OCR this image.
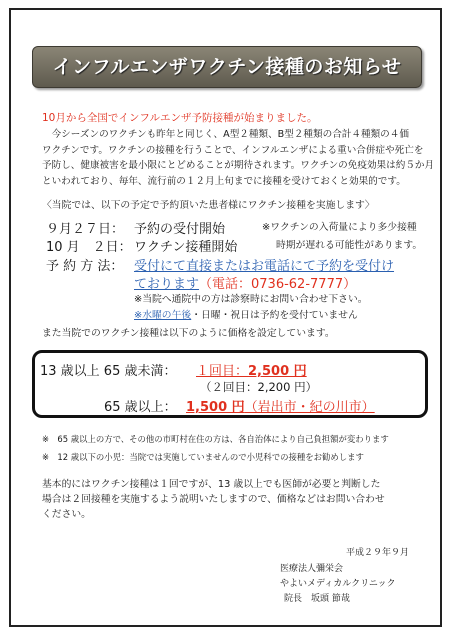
インフルエンザワクチン接種のお知らせ
10月から全国でインフルエンザ予防接種が始まりました。
　今シーズンのワクチンも昨年と同じく、A型２種類、B型２種類の合計４種類の４価
ワクチンです。ワクチンの接種を行うことで、インフルエンザによる重い合併症や死亡を
予防し、健康被害を最小限にとどめることが期待されます。ワクチンの免疫効果は約５か月
といわれており、毎年、流行前の１２月上旬までに接種を受けておくと効果的です。
〈当院では、以下の予定で予約頂いた患者様にワクチン接種を実施します〉
９月２７日： 予約の受付開始	※ワクチンの入荷量により多少接種
10 月　２日： ワクチン接種開始	時期が遅れる可能性があります。
予 約 方 法： 受付にて直接またはお電話にて予約を受付け
ております（電話：0736-62-7777）
※当院へ通院中の方は診察時にお問い合わせ下さい。
※水曜の午後・日曜・祝日は予約を受付ていません
また当院でのワクチン接種は以下のように価格を設定しています。
13 歳以上 65 歳未満： １回目：2,500 円
（２回目：2,200 円）
65 歳以上： 1,500 円（岩出市・紀の川市）
※　65 歳以上の方で、その他の市町村在住の方は、各自治体により自己負担額が変わります
※　12 歳以下の小児：当院では実施していませんので小児科での接種をお勧めします
基本的にはワクチン接種は１回ですが、13 歳以上でも医師が必要と判断した
場合は２回接種を実施するよう説明いたしますので、価格などはお問い合わせ
ください。
平成２９年９月
医療法人彌栄会
やよいメディカルクリニック
院長　坂頭 節哉
